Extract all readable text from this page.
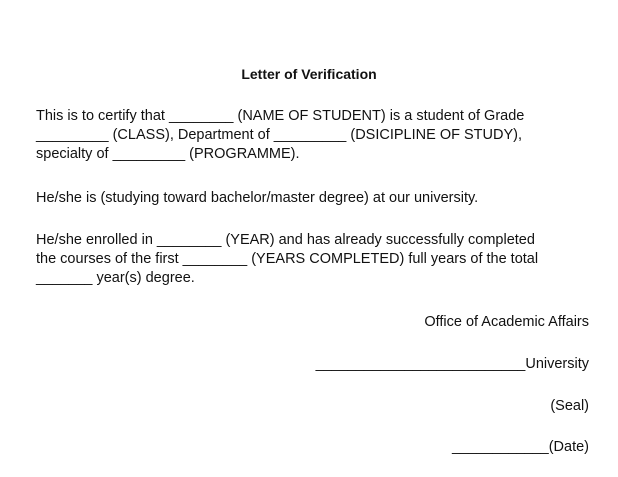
Letter of Verification
This is to certify that ________ (NAME OF STUDENT) is a student of Grade
_________ (CLASS), Department of _________ (DSICIPLINE OF STUDY),
specialty of _________ (PROGRAMME).
He/she is (studying toward bachelor/master degree) at our university.
He/she enrolled in ________ (YEAR) and has already successfully completed
the courses of the first ________ (YEARS COMPLETED) full years of the total
_______ year(s) degree.
Office of Academic Affairs
__________________________University
(Seal)
____________(Date)
